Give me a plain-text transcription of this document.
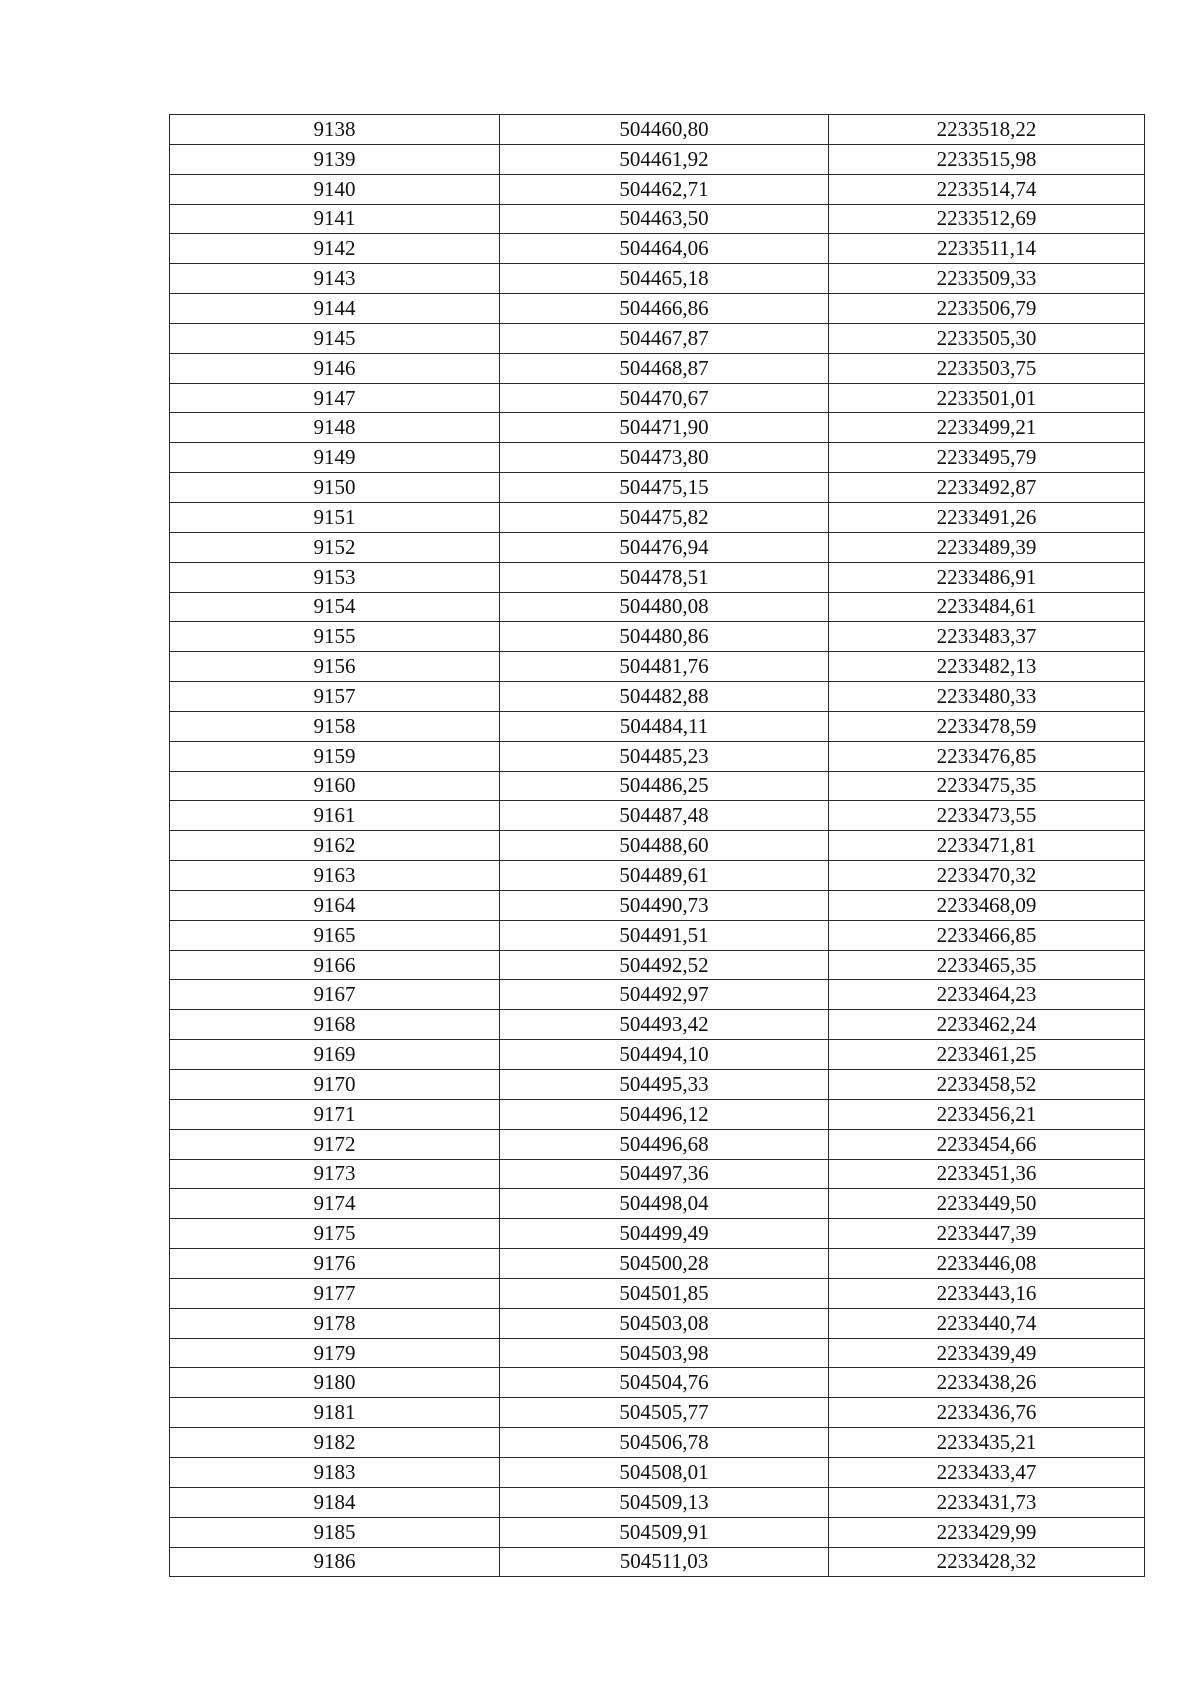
9138	504460,80	2233518,22
9139	504461,92	2233515,98
9140	504462,71	2233514,74
9141	504463,50	2233512,69
9142	504464,06	2233511,14
9143	504465,18	2233509,33
9144	504466,86	2233506,79
9145	504467,87	2233505,30
9146	504468,87	2233503,75
9147	504470,67	2233501,01
9148	504471,90	2233499,21
9149	504473,80	2233495,79
9150	504475,15	2233492,87
9151	504475,82	2233491,26
9152	504476,94	2233489,39
9153	504478,51	2233486,91
9154	504480,08	2233484,61
9155	504480,86	2233483,37
9156	504481,76	2233482,13
9157	504482,88	2233480,33
9158	504484,11	2233478,59
9159	504485,23	2233476,85
9160	504486,25	2233475,35
9161	504487,48	2233473,55
9162	504488,60	2233471,81
9163	504489,61	2233470,32
9164	504490,73	2233468,09
9165	504491,51	2233466,85
9166	504492,52	2233465,35
9167	504492,97	2233464,23
9168	504493,42	2233462,24
9169	504494,10	2233461,25
9170	504495,33	2233458,52
9171	504496,12	2233456,21
9172	504496,68	2233454,66
9173	504497,36	2233451,36
9174	504498,04	2233449,50
9175	504499,49	2233447,39
9176	504500,28	2233446,08
9177	504501,85	2233443,16
9178	504503,08	2233440,74
9179	504503,98	2233439,49
9180	504504,76	2233438,26
9181	504505,77	2233436,76
9182	504506,78	2233435,21
9183	504508,01	2233433,47
9184	504509,13	2233431,73
9185	504509,91	2233429,99
9186	504511,03	2233428,32
